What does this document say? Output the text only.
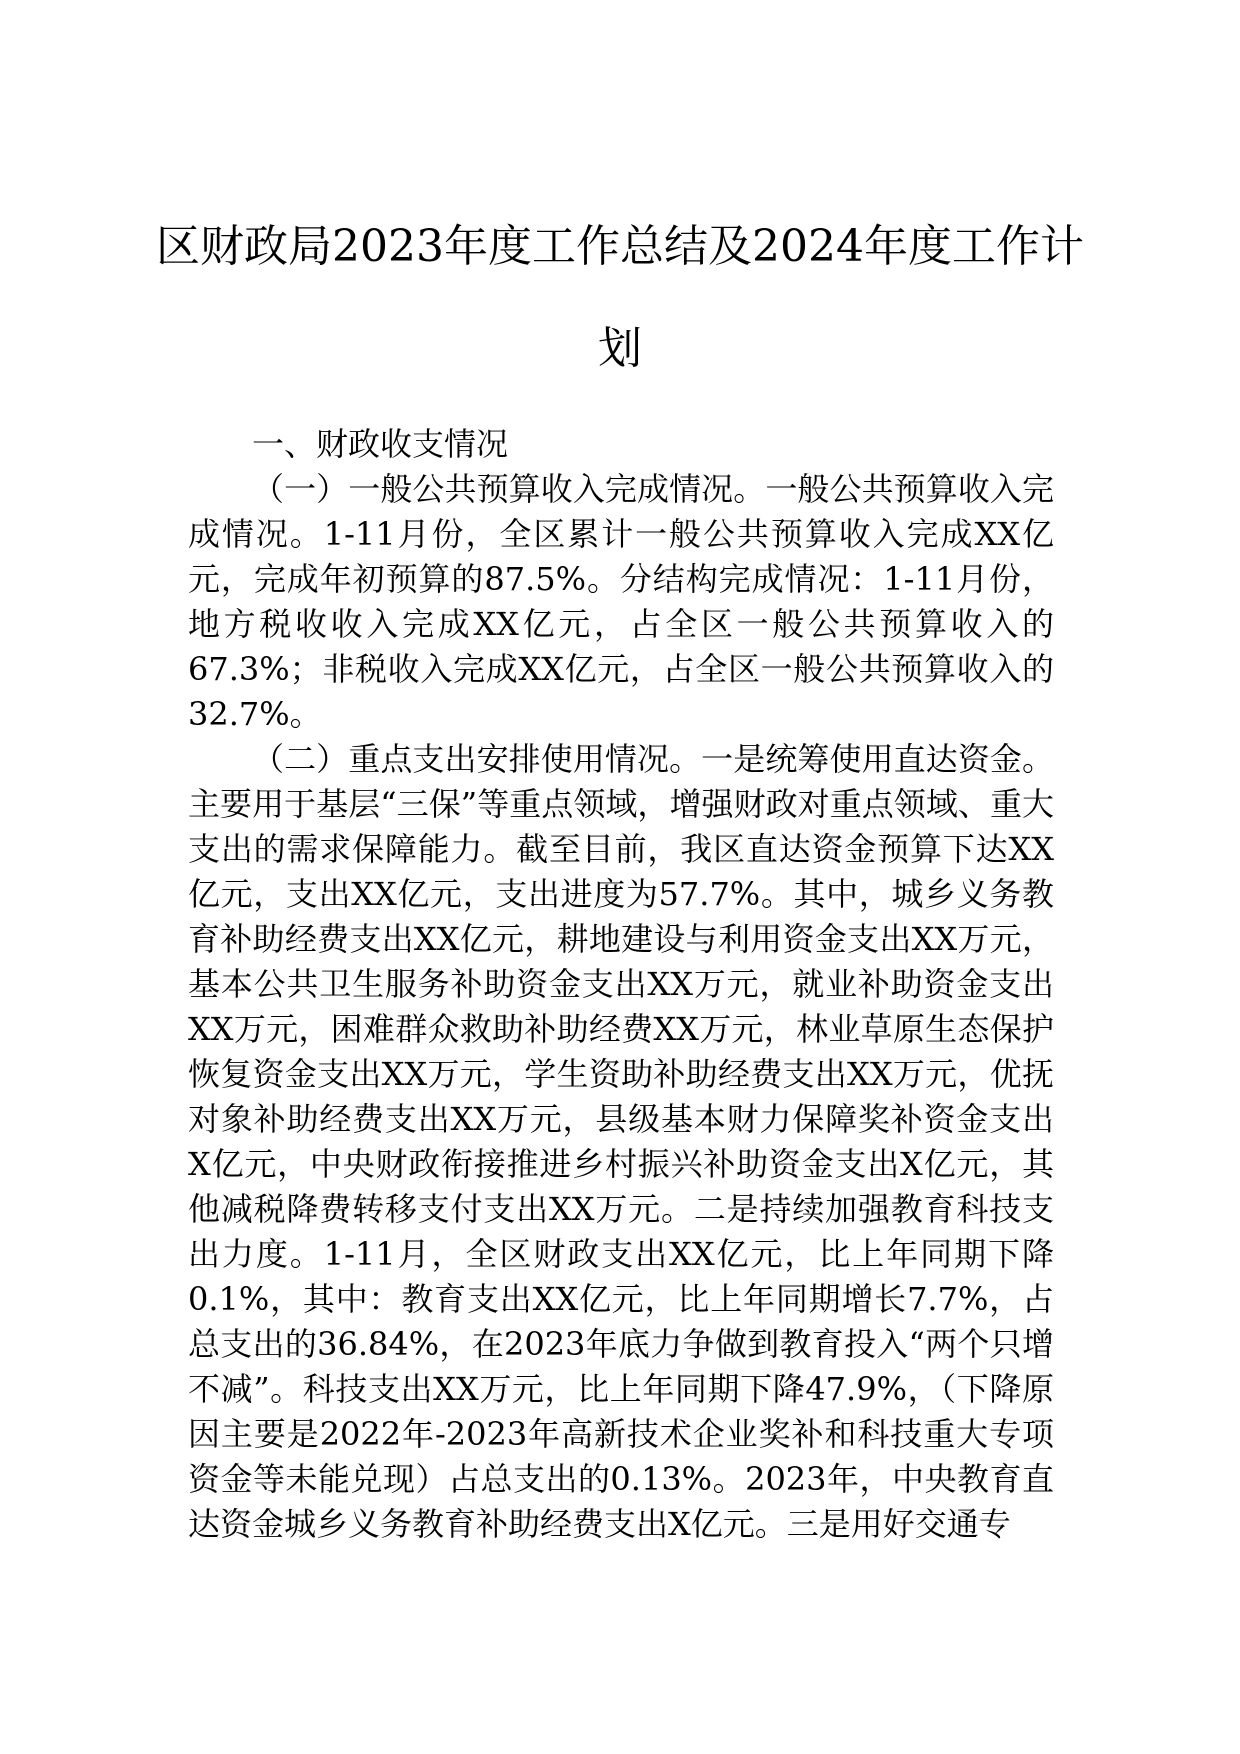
区财政局2023年度工作总结及2024年度工作计划
一、财政收支情况

（一）一般公共预算收入完成情况。一般公共预算收入完成情况。1-11月份，全区累计一般公共预算收入完成XX亿元，完成年初预算的87.5%。分结构完成情况：1-11月份，地方税收收入完成XX亿元，占全区一般公共预算收入的67.3%；非税收入完成XX亿元，占全区一般公共预算收入的32.7%。

（二）重点支出安排使用情况。一是统筹使用直达资金。主要用于基层“三保”等重点领域，增强财政对重点领域、重大支出的需求保障能力。截至目前，我区直达资金预算下达XX亿元，支出XX亿元，支出进度为57.7%。其中，城乡义务教育补助经费支出XX亿元，耕地建设与利用资金支出XX万元，基本公共卫生服务补助资金支出XX万元，就业补助资金支出XX万元，困难群众救助补助经费XX万元，林业草原生态保护恢复资金支出XX万元，学生资助补助经费支出XX万元，优抚对象补助经费支出XX万元，县级基本财力保障奖补资金支出X亿元，中央财政衔接推进乡村振兴补助资金支出X亿元，其他减税降费转移支付支出XX万元。二是持续加强教育科技支出力度。1-11月，全区财政支出XX亿元，比上年同期下降0.1%，其中：教育支出XX亿元，比上年同期增长7.7%，占总支出的36.84%，在2023年底力争做到教育投入“两个只增不减”。科技支出XX万元，比上年同期下降47.9%，（下降原因主要是2022年-2023年高新技术企业奖补和科技重大专项资金等未能兑现）占总支出的0.13%。2023年，中央教育直达资金城乡义务教育补助经费支出X亿元。三是用好交通专
